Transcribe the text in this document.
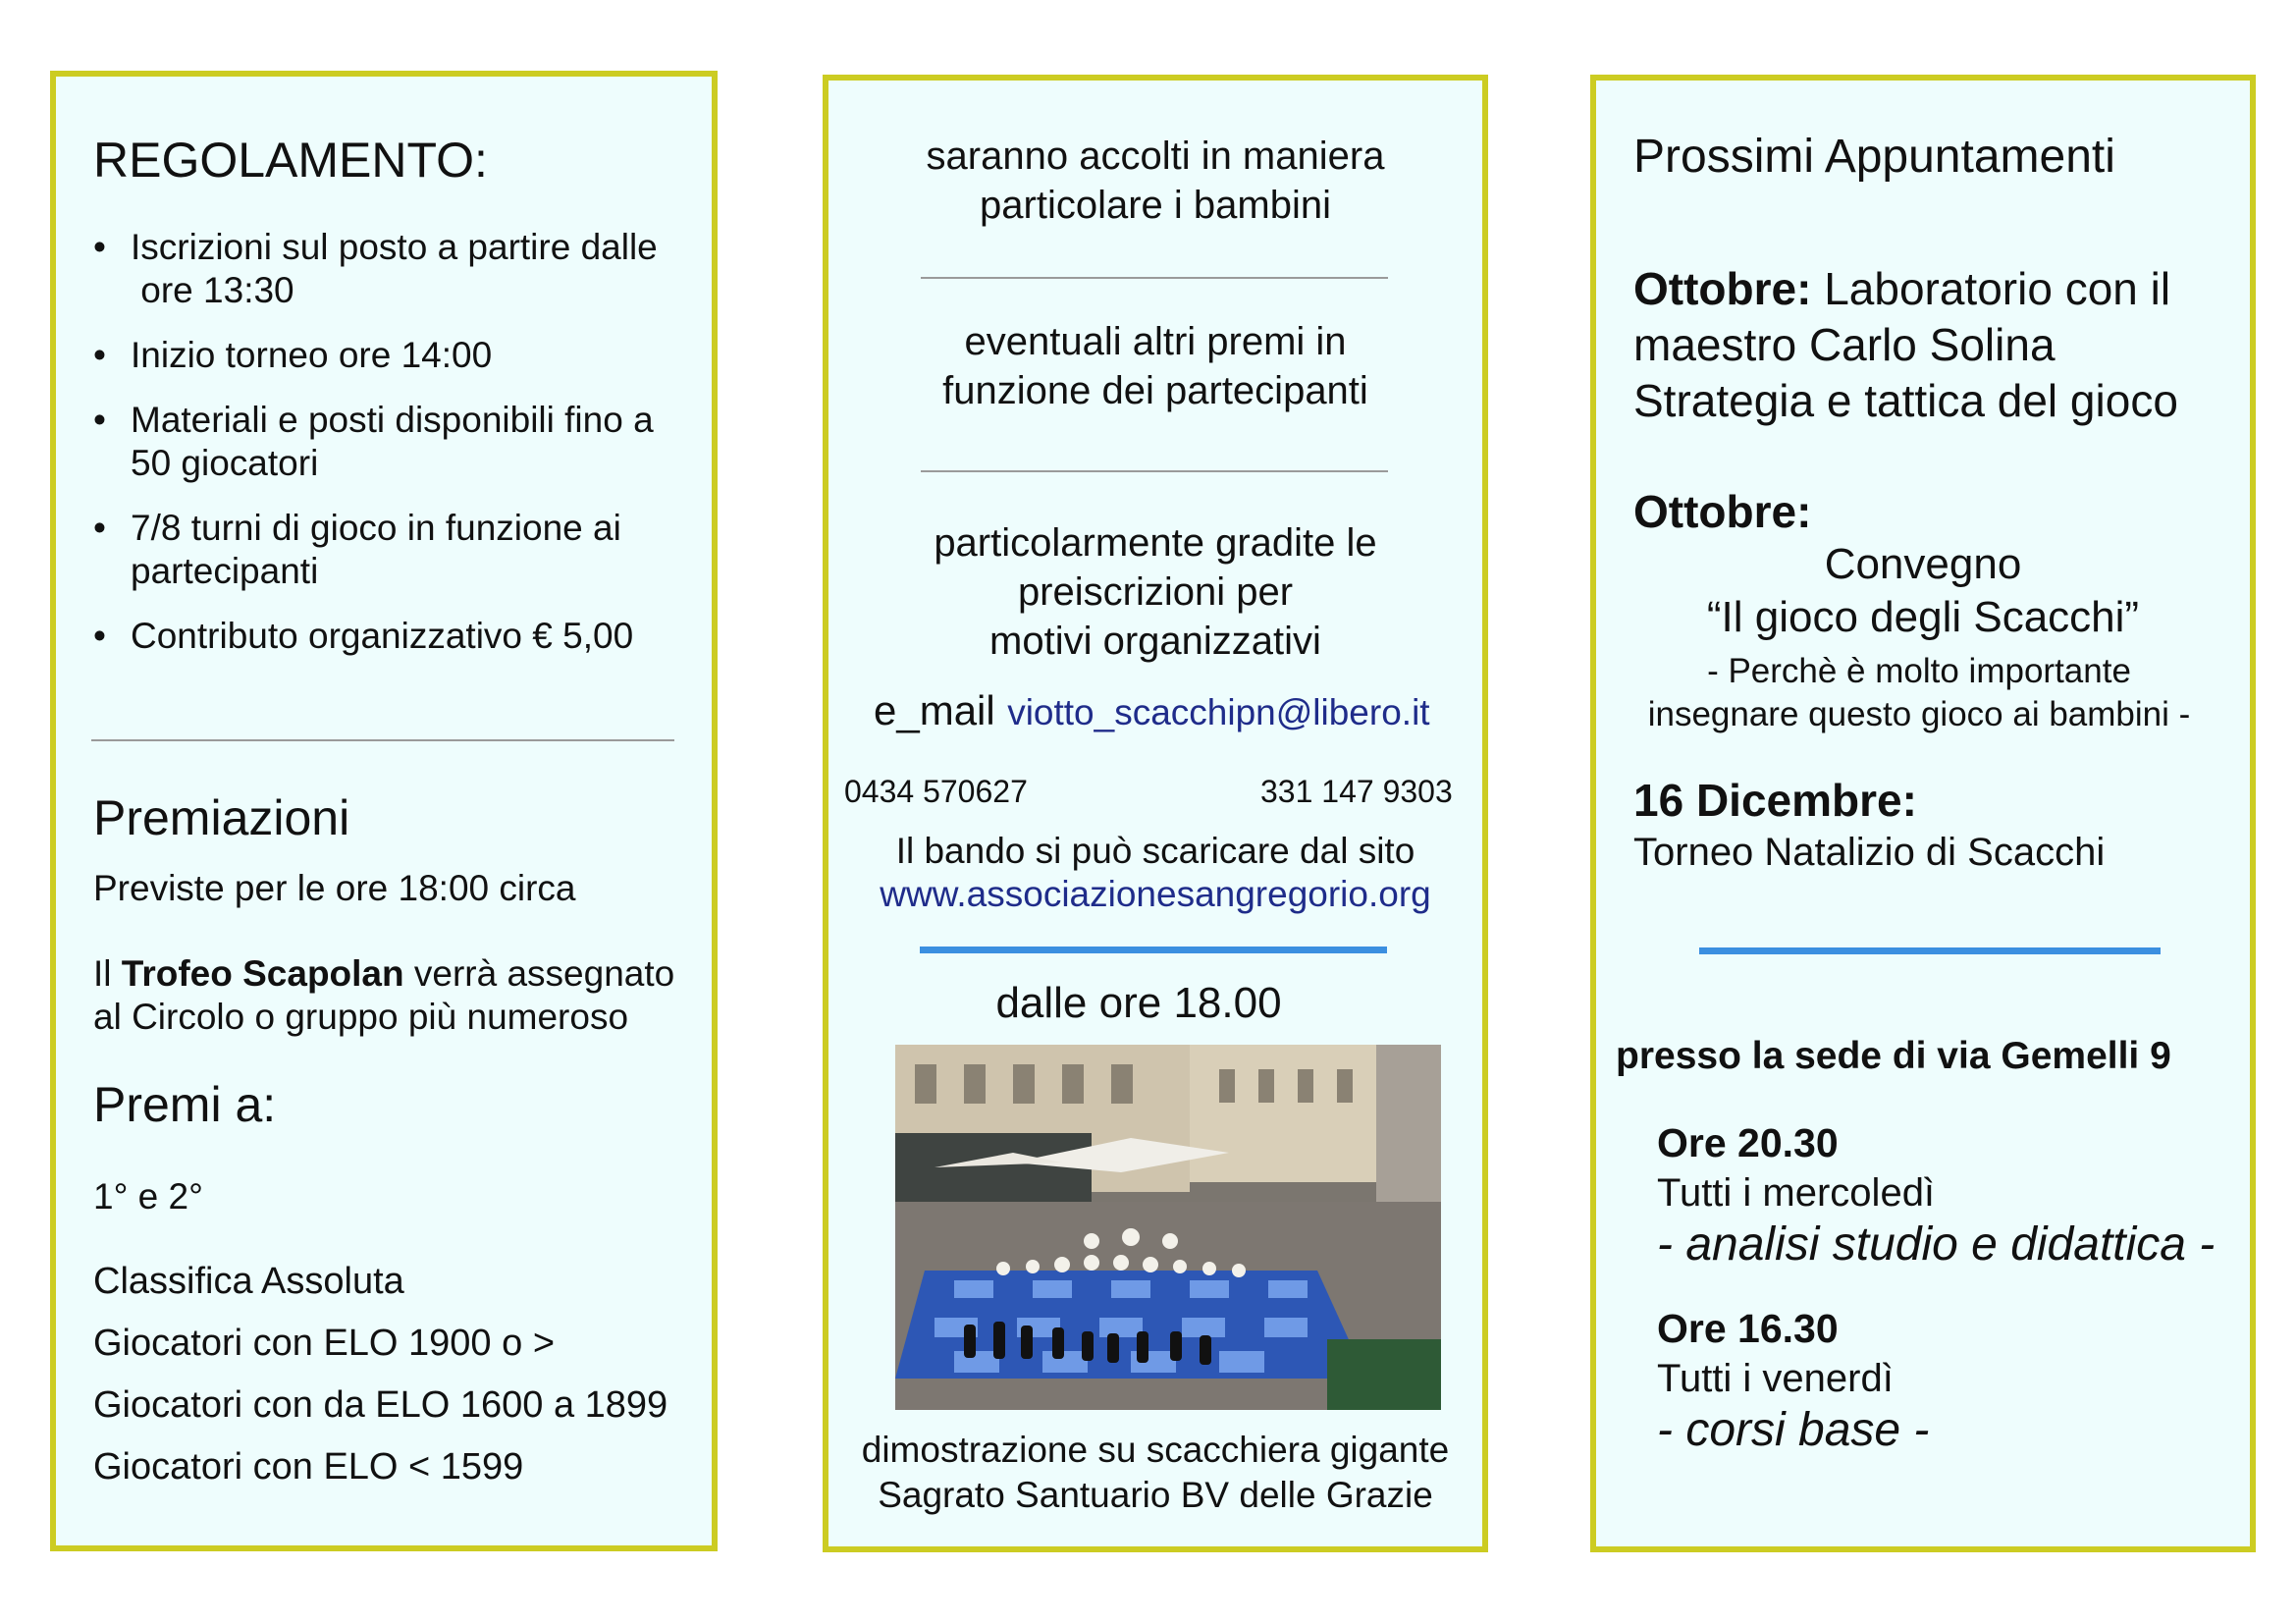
REGOLAMENTO:
• Iscrizioni sul posto a partire dalle
ore 13:30
• Inizio torneo ore 14:00
• Materiali e posti disponibili fino a
50 giocatori
• 7/8 turni di gioco in funzione ai
partecipanti
• Contributo organizzativo € 5,00
Premiazioni
Previste per le ore 18:00 circa
Il Trofeo Scapolan verrà assegnato
al Circolo o gruppo più numeroso
Premi a:
1° e 2°
Classifica Assoluta
Giocatori con ELO 1900 o >
Giocatori con da ELO 1600 a 1899
Giocatori con ELO < 1599
saranno accolti in maniera
particolare i bambini
eventuali altri premi in
funzione dei partecipanti
particolarmente gradite le
preiscrizioni per
motivi organizzativi
e_mail viotto_scacchipn@libero.it
0434 570627	331 147 9303
Il bando si può scaricare dal sito
www.associazionesangregorio.org
dalle ore 18.00
dimostrazione su scacchiera gigante
Sagrato Santuario BV delle Grazie
Prossimi Appuntamenti
Ottobre: Laboratorio con il
maestro Carlo Solina
Strategia e tattica del gioco
Ottobre:
Convegno
“Il gioco degli Scacchi”
- Perchè è molto importante
insegnare questo gioco ai bambini -
16 Dicembre:
Torneo Natalizio di Scacchi
presso la sede di via Gemelli 9
Ore 20.30
Tutti i mercoledì
- analisi studio e didattica -
Ore 16.30
Tutti i venerdì
- corsi base -
